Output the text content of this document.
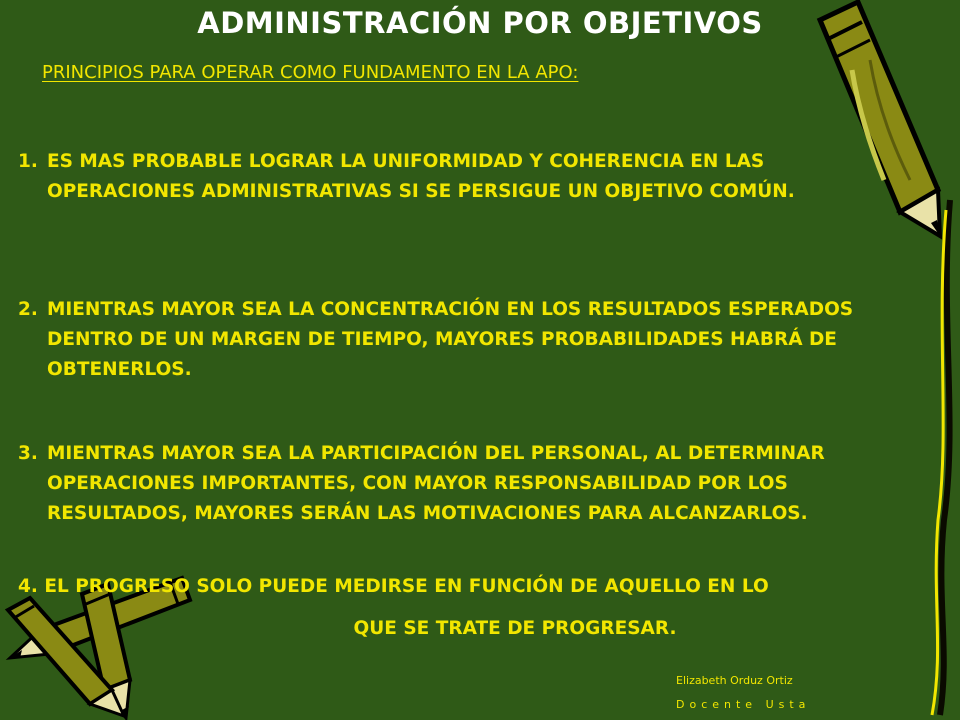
ADMINISTRACIÓN POR OBJETIVOS
PRINCIPIOS PARA OPERAR COMO FUNDAMENTO EN LA APO:
1. ES MAS PROBABLE LOGRAR LA UNIFORMIDAD Y COHERENCIA EN LAS OPERACIONES ADMINISTRATIVAS SI SE PERSIGUE UN OBJETIVO COMÚN.
2. MIENTRAS MAYOR SEA LA CONCENTRACIÓN EN LOS RESULTADOS ESPERADOS DENTRO DE UN MARGEN DE TIEMPO, MAYORES PROBABILIDADES HABRÁ DE OBTENERLOS.
3. MIENTRAS MAYOR SEA LA PARTICIPACIÓN DEL PERSONAL, AL DETERMINAR OPERACIONES IMPORTANTES, CON MAYOR RESPONSABILIDAD POR LOS RESULTADOS, MAYORES SERÁN LAS MOTIVACIONES PARA ALCANZARLOS.
4. EL PROGRESO SOLO PUEDE MEDIRSE EN FUNCIÓN DE AQUELLO EN LO
QUE SE TRATE DE PROGRESAR.
Elizabeth Orduz Ortiz
Docente Usta
